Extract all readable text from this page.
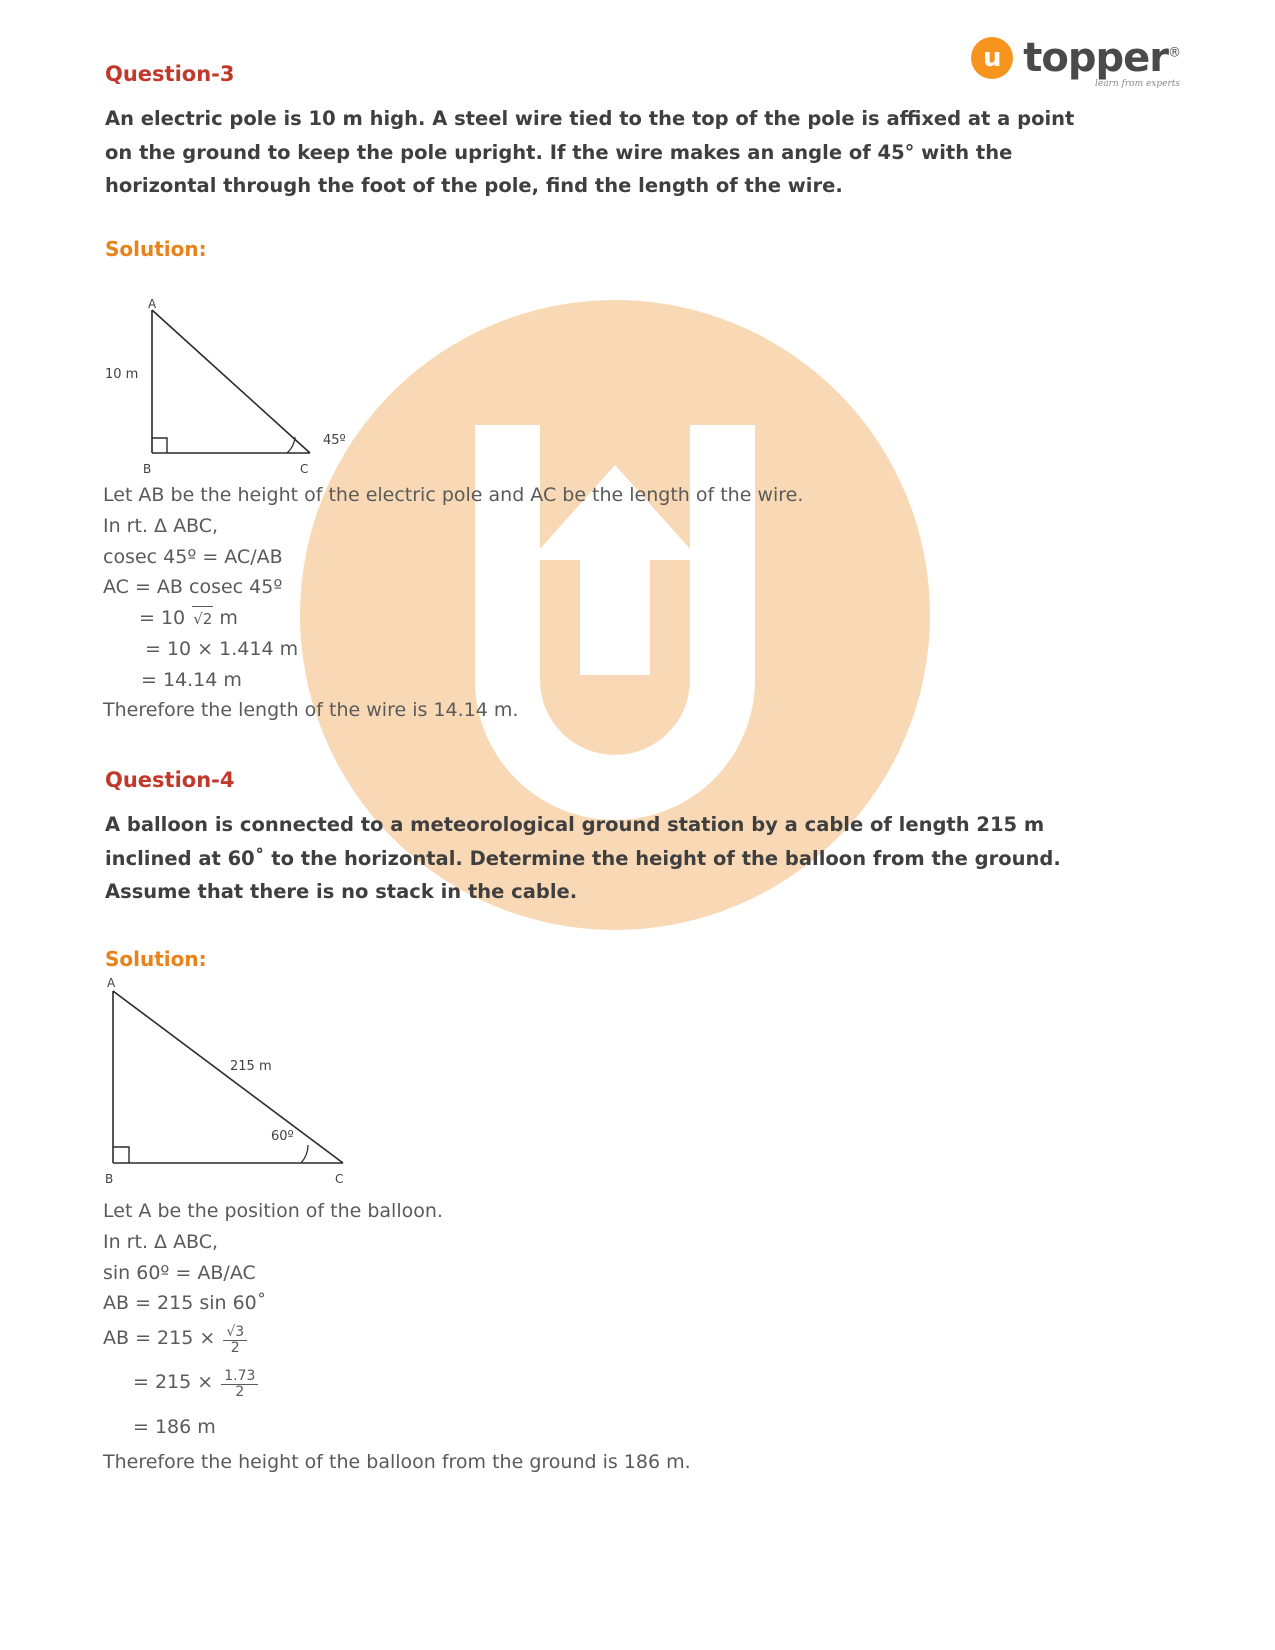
u topper®
learn from experts
Question-3
An electric pole is 10 m high. A steel wire tied to the top of the pole is affixed at a point on the ground to keep the pole upright. If the wire makes an angle of 45° with the horizontal through the foot of the pole, find the length of the wire.
Solution:
A
10 m
45º
B	C
Let AB be the height of the electric pole and AC be the length of the wire.
In rt. Δ ABC,
cosec 45º = AC/AB
AC = AB cosec 45º
= 10 √2 m
= 10 × 1.414 m
= 14.14 m
Therefore the length of the wire is 14.14 m.
Question-4
A balloon is connected to a meteorological ground station by a cable of length 215 m inclined at 60˚ to the horizontal. Determine the height of the balloon from the ground. Assume that there is no stack in the cable.
Solution:
A
215 m
60º
B	C
Let A be the position of the balloon.
In rt. Δ ABC,
sin 60º = AB/AC
AB = 215 sin 60˚
AB = $215 \times \frac{√3}{2}$
= $215 \times \frac{1.73}{2}$
= 186 m
Therefore the height of the balloon from the ground is 186 m.
